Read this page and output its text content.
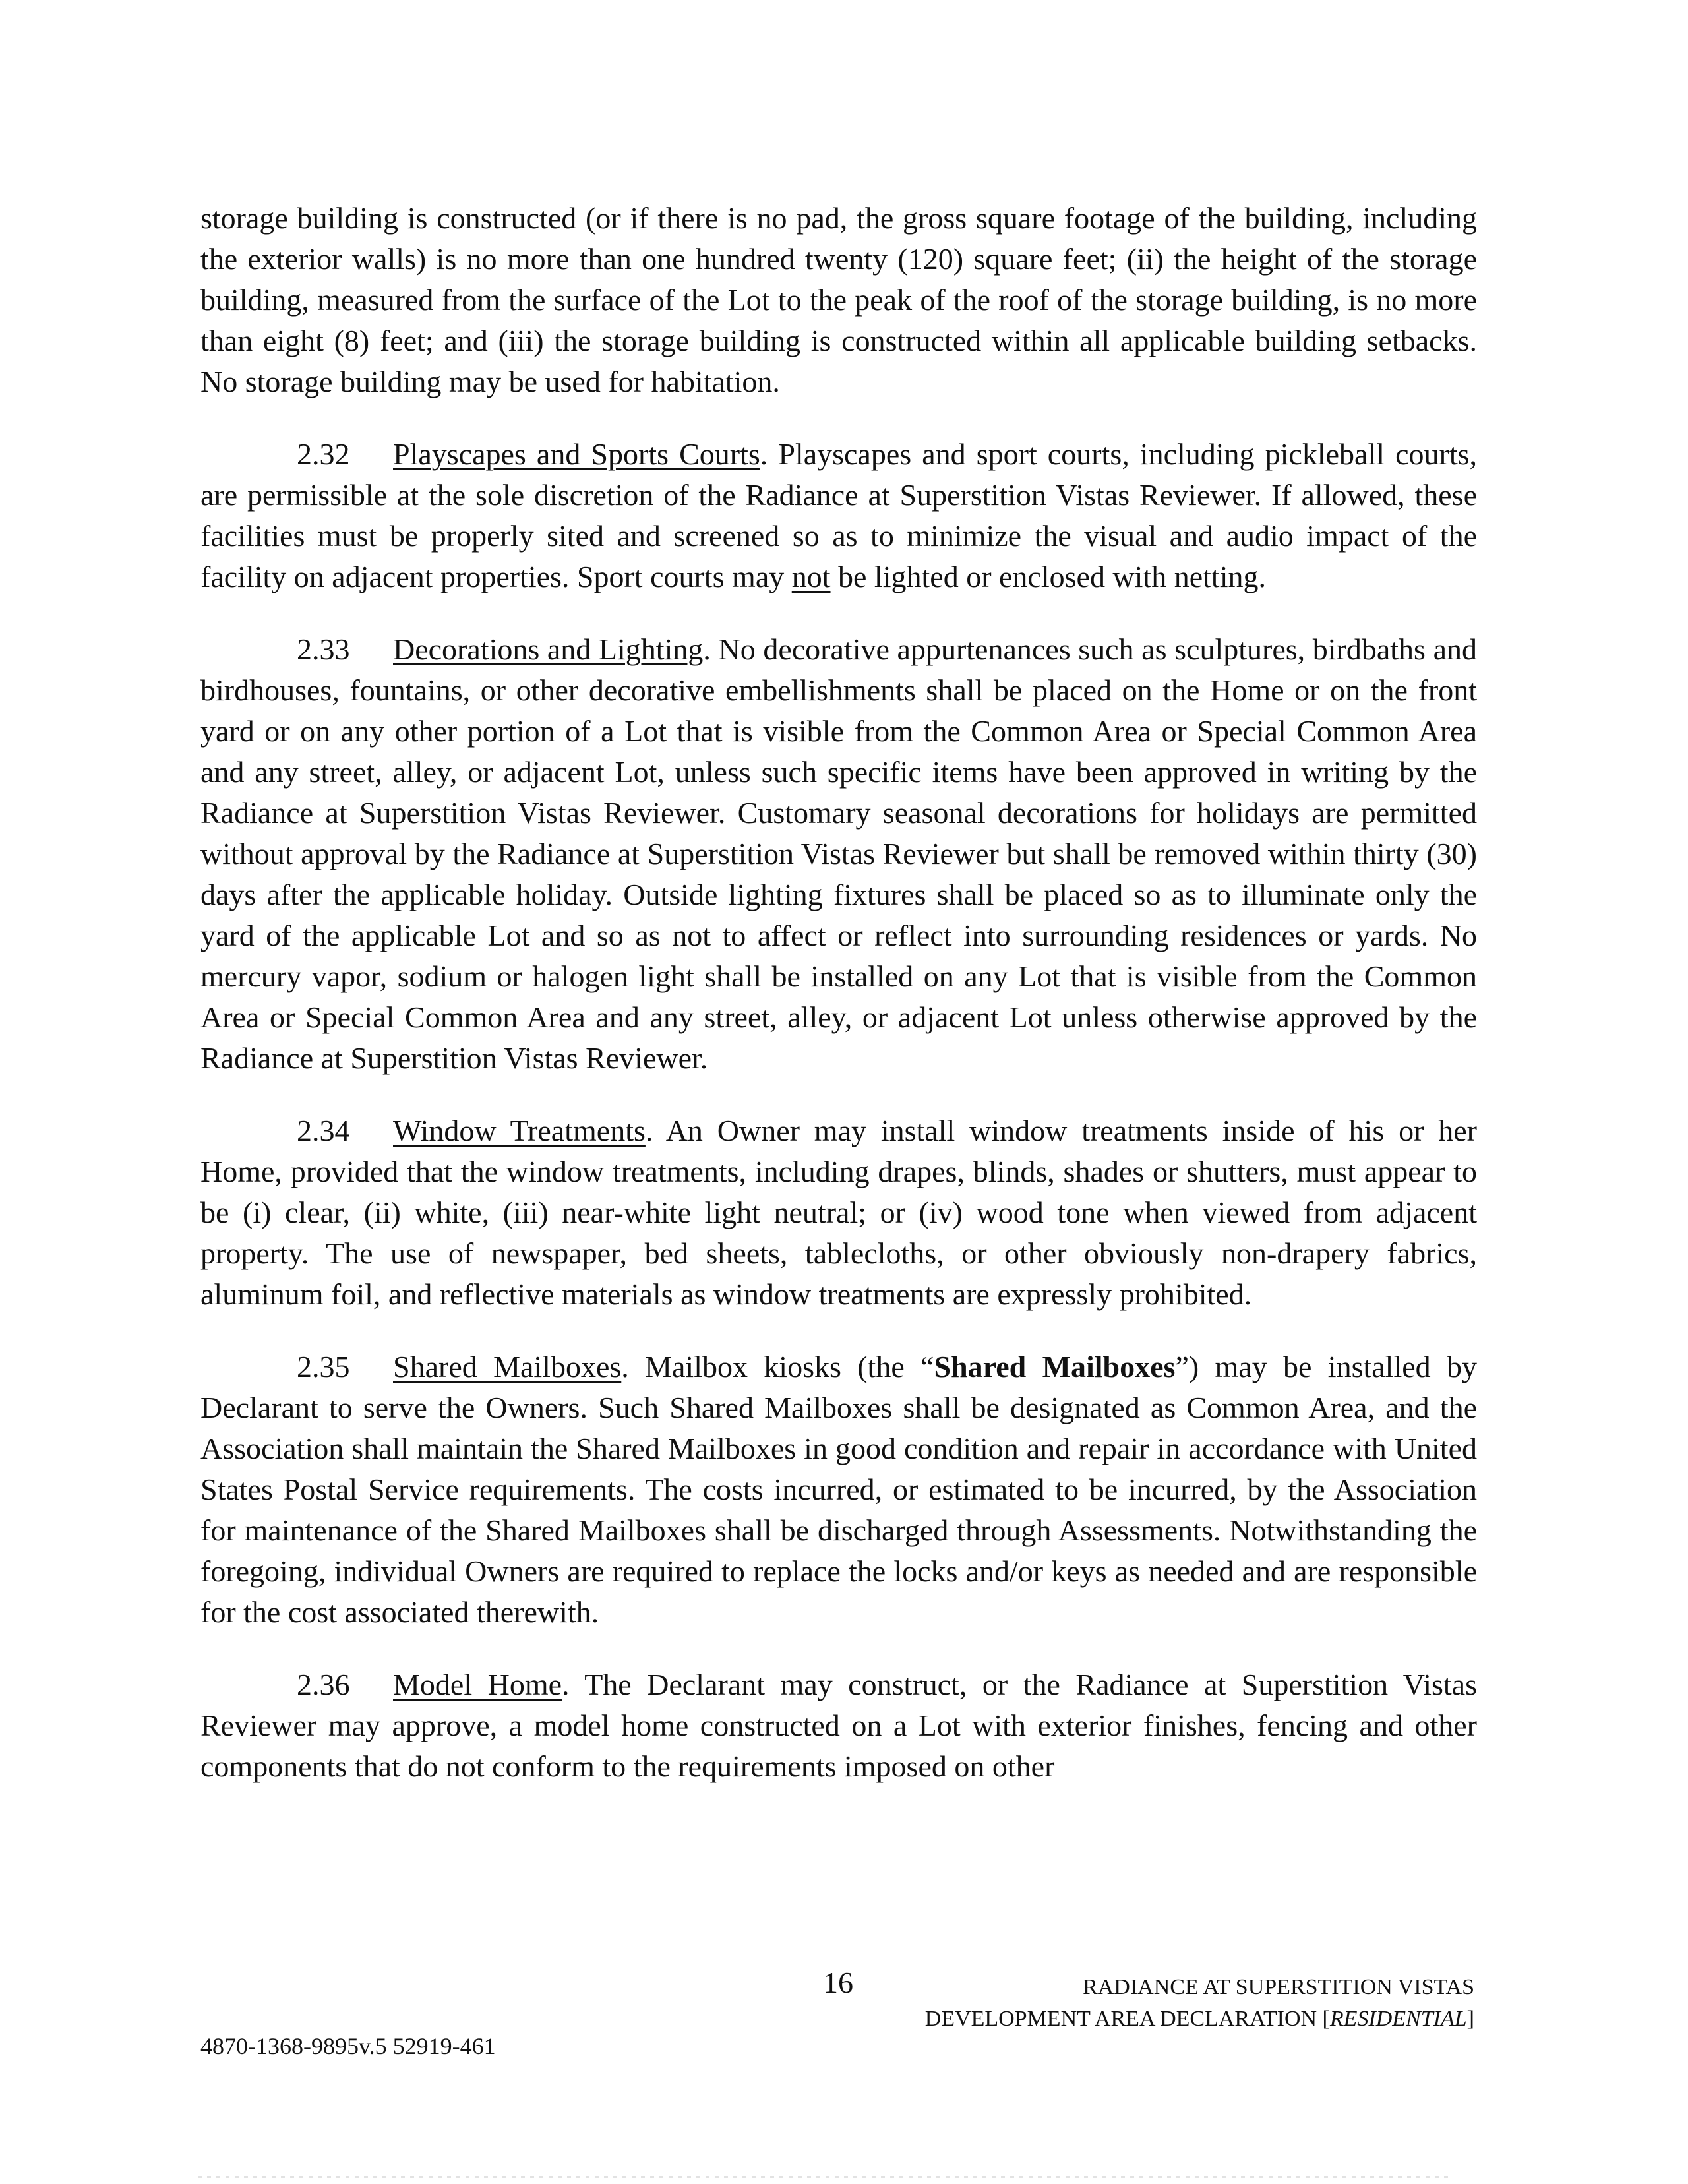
storage building is constructed (or if there is no pad, the gross square footage of the building, including the exterior walls) is no more than one hundred twenty (120) square feet; (ii) the height of the storage building, measured from the surface of the Lot to the peak of the roof of the storage building, is no more than eight (8) feet; and (iii) the storage building is constructed within all applicable building setbacks. No storage building may be used for habitation.

2.32 Playscapes and Sports Courts. Playscapes and sport courts, including pickleball courts, are permissible at the sole discretion of the Radiance at Superstition Vistas Reviewer. If allowed, these facilities must be properly sited and screened so as to minimize the visual and audio impact of the facility on adjacent properties. Sport courts may not be lighted or enclosed with netting.

2.33 Decorations and Lighting. No decorative appurtenances such as sculptures, birdbaths and birdhouses, fountains, or other decorative embellishments shall be placed on the Home or on the front yard or on any other portion of a Lot that is visible from the Common Area or Special Common Area and any street, alley, or adjacent Lot, unless such specific items have been approved in writing by the Radiance at Superstition Vistas Reviewer. Customary seasonal decorations for holidays are permitted without approval by the Radiance at Superstition Vistas Reviewer but shall be removed within thirty (30) days after the applicable holiday. Outside lighting fixtures shall be placed so as to illuminate only the yard of the applicable Lot and so as not to affect or reflect into surrounding residences or yards. No mercury vapor, sodium or halogen light shall be installed on any Lot that is visible from the Common Area or Special Common Area and any street, alley, or adjacent Lot unless otherwise approved by the Radiance at Superstition Vistas Reviewer.

2.34 Window Treatments. An Owner may install window treatments inside of his or her Home, provided that the window treatments, including drapes, blinds, shades or shutters, must appear to be (i) clear, (ii) white, (iii) near-white light neutral; or (iv) wood tone when viewed from adjacent property. The use of newspaper, bed sheets, tablecloths, or other obviously non-drapery fabrics, aluminum foil, and reflective materials as window treatments are expressly prohibited.

2.35 Shared Mailboxes. Mailbox kiosks (the “Shared Mailboxes”) may be installed by Declarant to serve the Owners. Such Shared Mailboxes shall be designated as Common Area, and the Association shall maintain the Shared Mailboxes in good condition and repair in accordance with United States Postal Service requirements. The costs incurred, or estimated to be incurred, by the Association for maintenance of the Shared Mailboxes shall be discharged through Assessments. Notwithstanding the foregoing, individual Owners are required to replace the locks and/or keys as needed and are responsible for the cost associated therewith.

2.36 Model Home. The Declarant may construct, or the Radiance at Superstition Vistas Reviewer may approve, a model home constructed on a Lot with exterior finishes, fencing and other components that do not conform to the requirements imposed on other

16	RADIANCE AT SUPERSTITION VISTAS
DEVELOPMENT AREA DECLARATION [RESIDENTIAL]
4870-1368-9895v.5 52919-461
